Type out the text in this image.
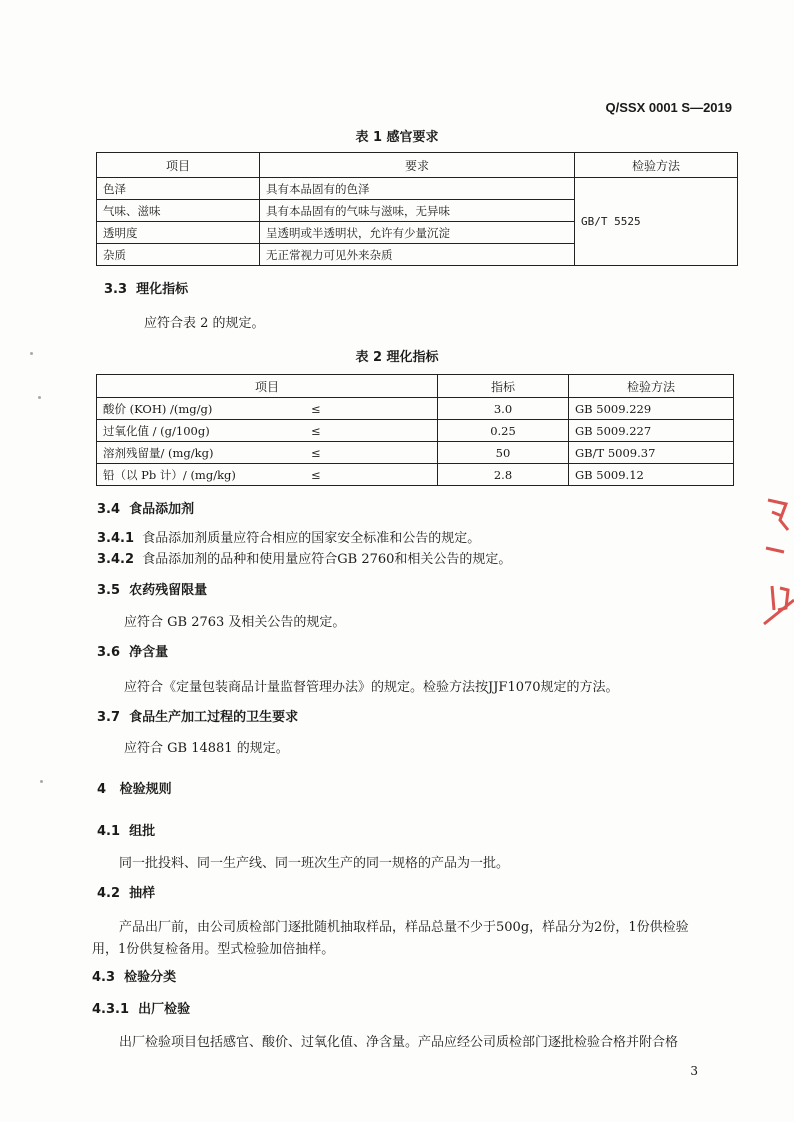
Q/SSX 0001 S—2019
表 1 感官要求
项目	要求	检验方法
色泽	具有本品固有的色泽	GB/T 5525
气味、滋味	具有本品固有的气味与滋味，无异味	
透明度	呈透明或半透明状，允许有少量沉淀	
杂质	无正常视力可见外来杂质	
3.3 理化指标
应符合表 2 的规定。
表 2 理化指标
项目		指标	检验方法
酸价 (KOH) /(mg/g)	≤	3.0	GB 5009.229
过氧化值 / (g/100g)	≤	0.25	GB 5009.227
溶剂残留量/ (mg/kg)	≤	50	GB/T 5009.37
铅（以 Pb 计）/ (mg/kg)	≤	2.8	GB 5009.12
3.4 食品添加剂
3.4.1 食品添加剂质量应符合相应的国家安全标准和公告的规定。
3.4.2 食品添加剂的品种和使用量应符合GB 2760和相关公告的规定。
3.5 农药残留限量
应符合 GB 2763 及相关公告的规定。
3.6 净含量
应符合《定量包装商品计量监督管理办法》的规定。检验方法按JJF1070规定的方法。
3.7 食品生产加工过程的卫生要求
应符合 GB 14881 的规定。
4 检验规则
4.1 组批
同一批投料、同一生产线、同一班次生产的同一规格的产品为一批。
4.2 抽样
产品出厂前，由公司质检部门逐批随机抽取样品，样品总量不少于500g，样品分为2份，1份供检验
用，1份供复检备用。型式检验加倍抽样。
4.3 检验分类
4.3.1 出厂检验
出厂检验项目包括感官、酸价、过氧化值、净含量。产品应经公司质检部门逐批检验合格并附合格
3
